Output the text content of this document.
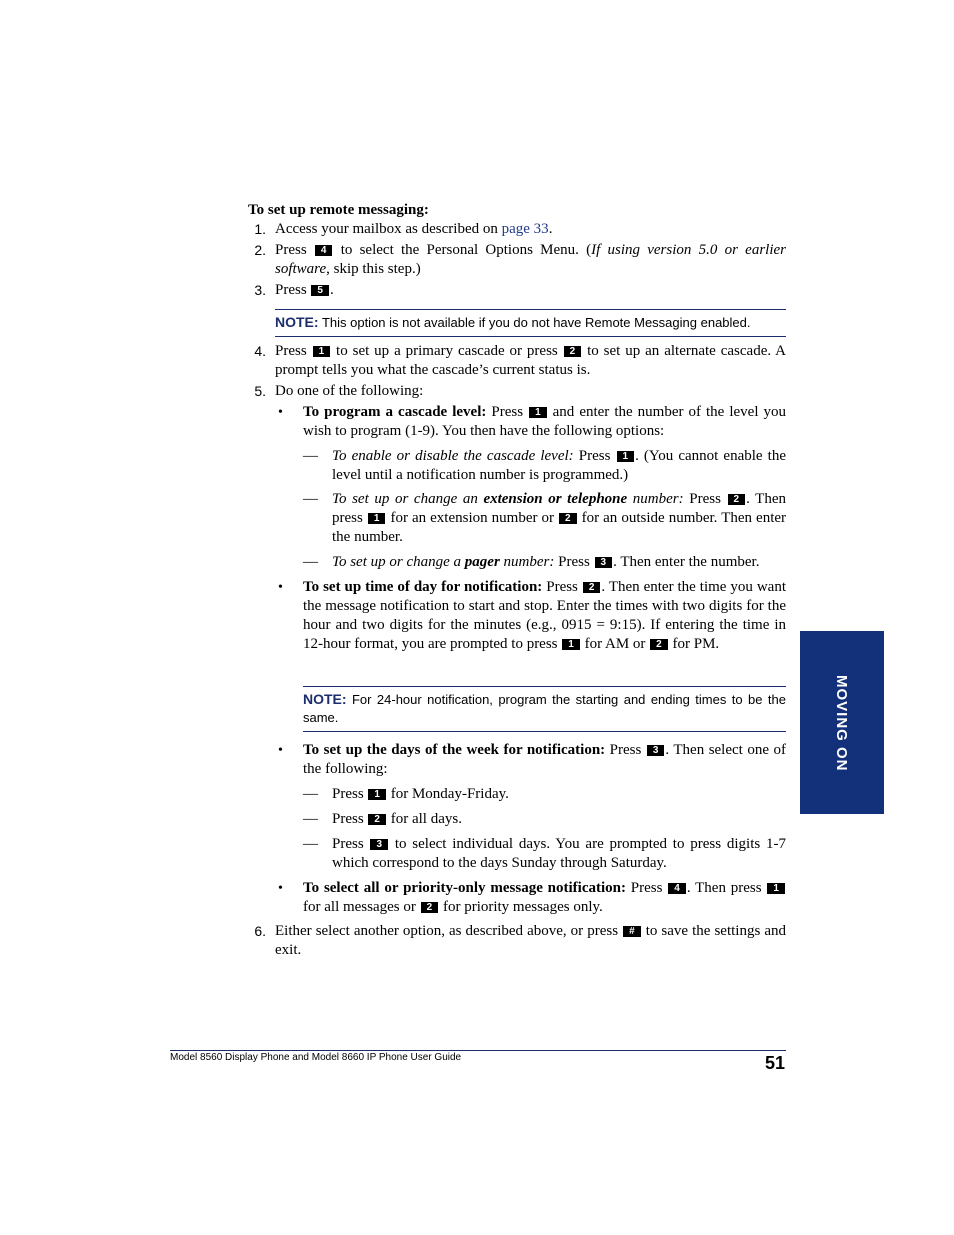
To set up remote messaging:
1. Access your mailbox as described on page 33.
2. Press 4 to select the Personal Options Menu. (If using version 5.0 or earlier software, skip this step.)
3. Press 5 .
NOTE: This option is not available if you do not have Remote Messaging enabled.
4. Press 1 to set up a primary cascade or press 2 to set up an alternate cascade. A prompt tells you what the cascade’s current status is.
5. Do one of the following:
• To program a cascade level: Press 1 and enter the number of the level you wish to program (1-9). You then have the following options:
— To enable or disable the cascade level: Press 1 . (You cannot enable the level until a notification number is programmed.)
— To set up or change an extension or telephone number: Press 2 . Then press 1 for an extension number or 2 for an outside number. Then enter the number.
— To set up or change a pager number: Press 3 . Then enter the number.
• To set up time of day for notification: Press 2 . Then enter the time you want the message notification to start and stop. Enter the times with two digits for the hour and two digits for the minutes (e.g., 0915 = 9:15). If entering the time in 12-hour format, you are prompted to press 1 for AM or 2 for PM.
NOTE: For 24-hour notification, program the starting and ending times to be the same.
• To set up the days of the week for notification: Press 3 . Then select one of the following:
— Press 1 for Monday-Friday.
— Press 2 for all days.
— Press 3 to select individual days. You are prompted to press digits 1-7 which correspond to the days Sunday through Saturday.
• To select all or priority-only message notification: Press 4 . Then press 1 for all messages or 2 for priority messages only.
6. Either select another option, as described above, or press # to save the settings and exit.
MOVING ON
Model 8560 Display Phone and Model 8660 IP Phone User Guide	51
